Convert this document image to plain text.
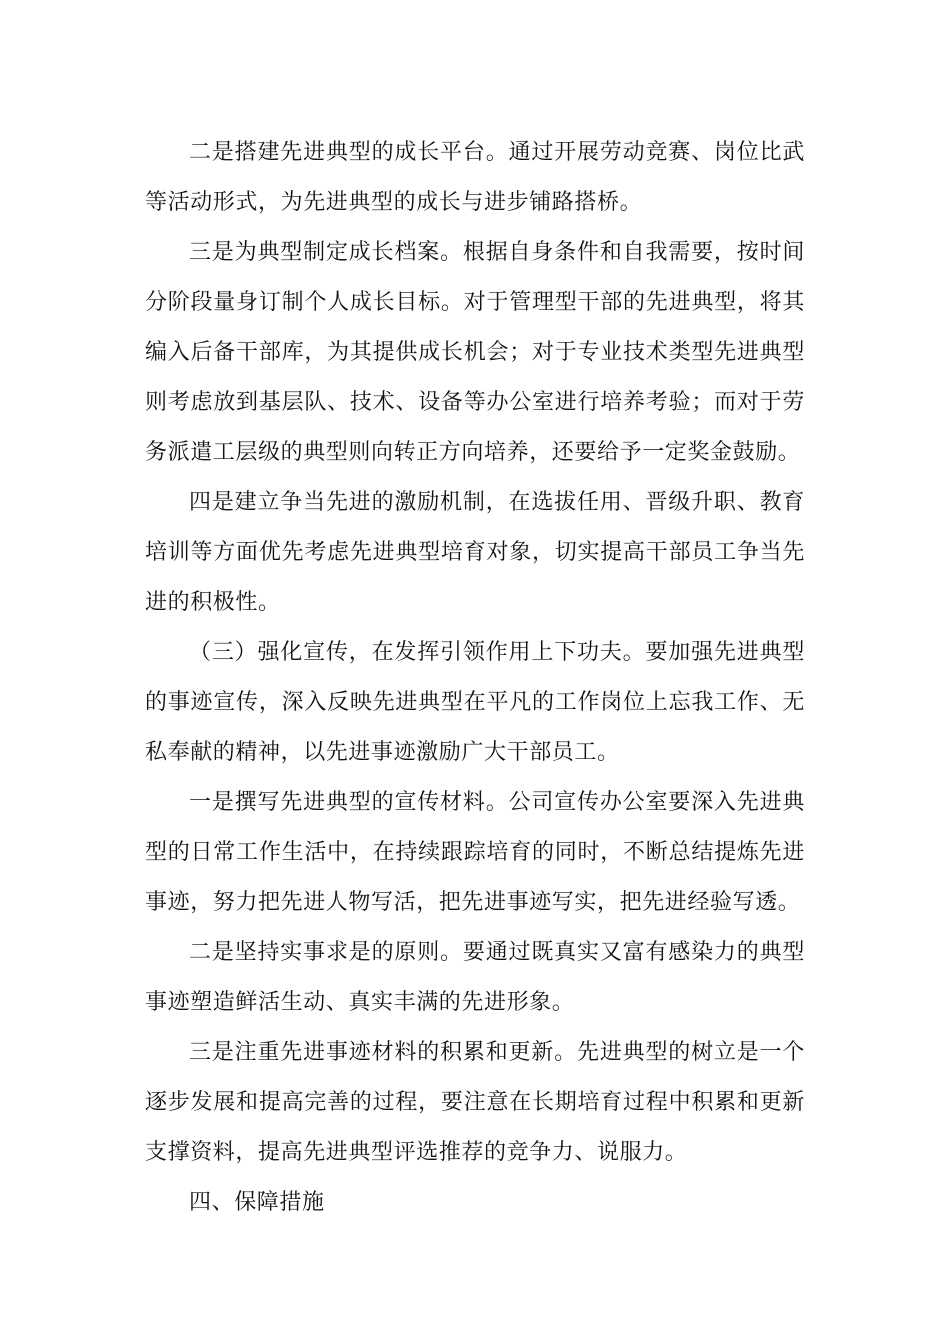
二是搭建先进典型的成长平台。通过开展劳动竞赛、岗位比武等活动形式，为先进典型的成长与进步铺路搭桥。

三是为典型制定成长档案。根据自身条件和自我需要，按时间分阶段量身订制个人成长目标。对于管理型干部的先进典型，将其编入后备干部库，为其提供成长机会；对于专业技术类型先进典型则考虑放到基层队、技术、设备等办公室进行培养考验；而对于劳务派遣工层级的典型则向转正方向培养，还要给予一定奖金鼓励。

四是建立争当先进的激励机制，在选拔任用、晋级升职、教育培训等方面优先考虑先进典型培育对象，切实提高干部员工争当先进的积极性。

（三）强化宣传，在发挥引领作用上下功夫。要加强先进典型的事迹宣传，深入反映先进典型在平凡的工作岗位上忘我工作、无私奉献的精神，以先进事迹激励广大干部员工。

一是撰写先进典型的宣传材料。公司宣传办公室要深入先进典型的日常工作生活中，在持续跟踪培育的同时，不断总结提炼先进事迹，努力把先进人物写活，把先进事迹写实，把先进经验写透。

二是坚持实事求是的原则。要通过既真实又富有感染力的典型事迹塑造鲜活生动、真实丰满的先进形象。

三是注重先进事迹材料的积累和更新。先进典型的树立是一个逐步发展和提高完善的过程，要注意在长期培育过程中积累和更新支撑资料，提高先进典型评选推荐的竞争力、说服力。

四、保障措施
